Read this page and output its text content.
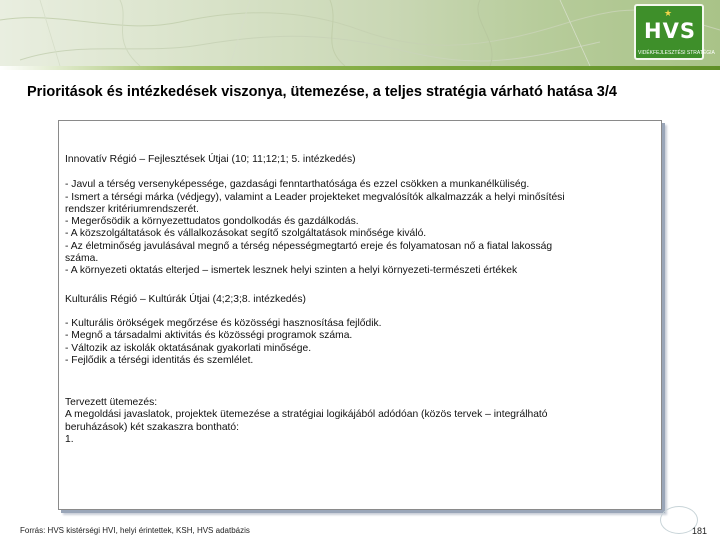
★
HVS
VIDÉKFEJLESZTÉSI STRATÉGIA
Prioritások és intézkedések viszonya, ütemezése, a teljes stratégia várható hatása 3/4
Innovatív Régió – Fejlesztések Útjai (10; 11;12;1; 5. intézkedés)
- Javul a térség versenyképessége, gazdasági fenntarthatósága és ezzel csökken a munkanélküliség.
- Ismert a térségi márka (védjegy), valamint a Leader projekteket megvalósítók alkalmazzák a helyi minősítési
rendszer kritériumrendszerét.
- Megerősödik a környezettudatos gondolkodás és gazdálkodás.
- A közszolgáltatások és vállalkozásokat segítő szolgáltatások minősége kiváló.
- Az életminőség javulásával megnő a térség népességmegtartó ereje és folyamatosan nő a fiatal lakosság
száma.
- A környezeti oktatás elterjed – ismertek lesznek helyi szinten a helyi környezeti-természeti értékek
Kulturális Régió – Kultúrák Útjai (4;2;3;8. intézkedés)
- Kulturális örökségek megőrzése és közösségi hasznosítása fejlődik.
- Megnő a társadalmi aktivitás és közösségi programok száma.
- Változik az iskolák oktatásának gyakorlati minősége.
- Fejlődik a térségi identitás és szemlélet.
Tervezett ütemezés:
A megoldási javaslatok, projektek ütemezése a stratégiai logikájából adódóan (közös tervek – integrálható
beruházások) két szakaszra bontható:
1.
Forrás: HVS kistérségi HVI, helyi érintettek, KSH, HVS adatbázis	181
